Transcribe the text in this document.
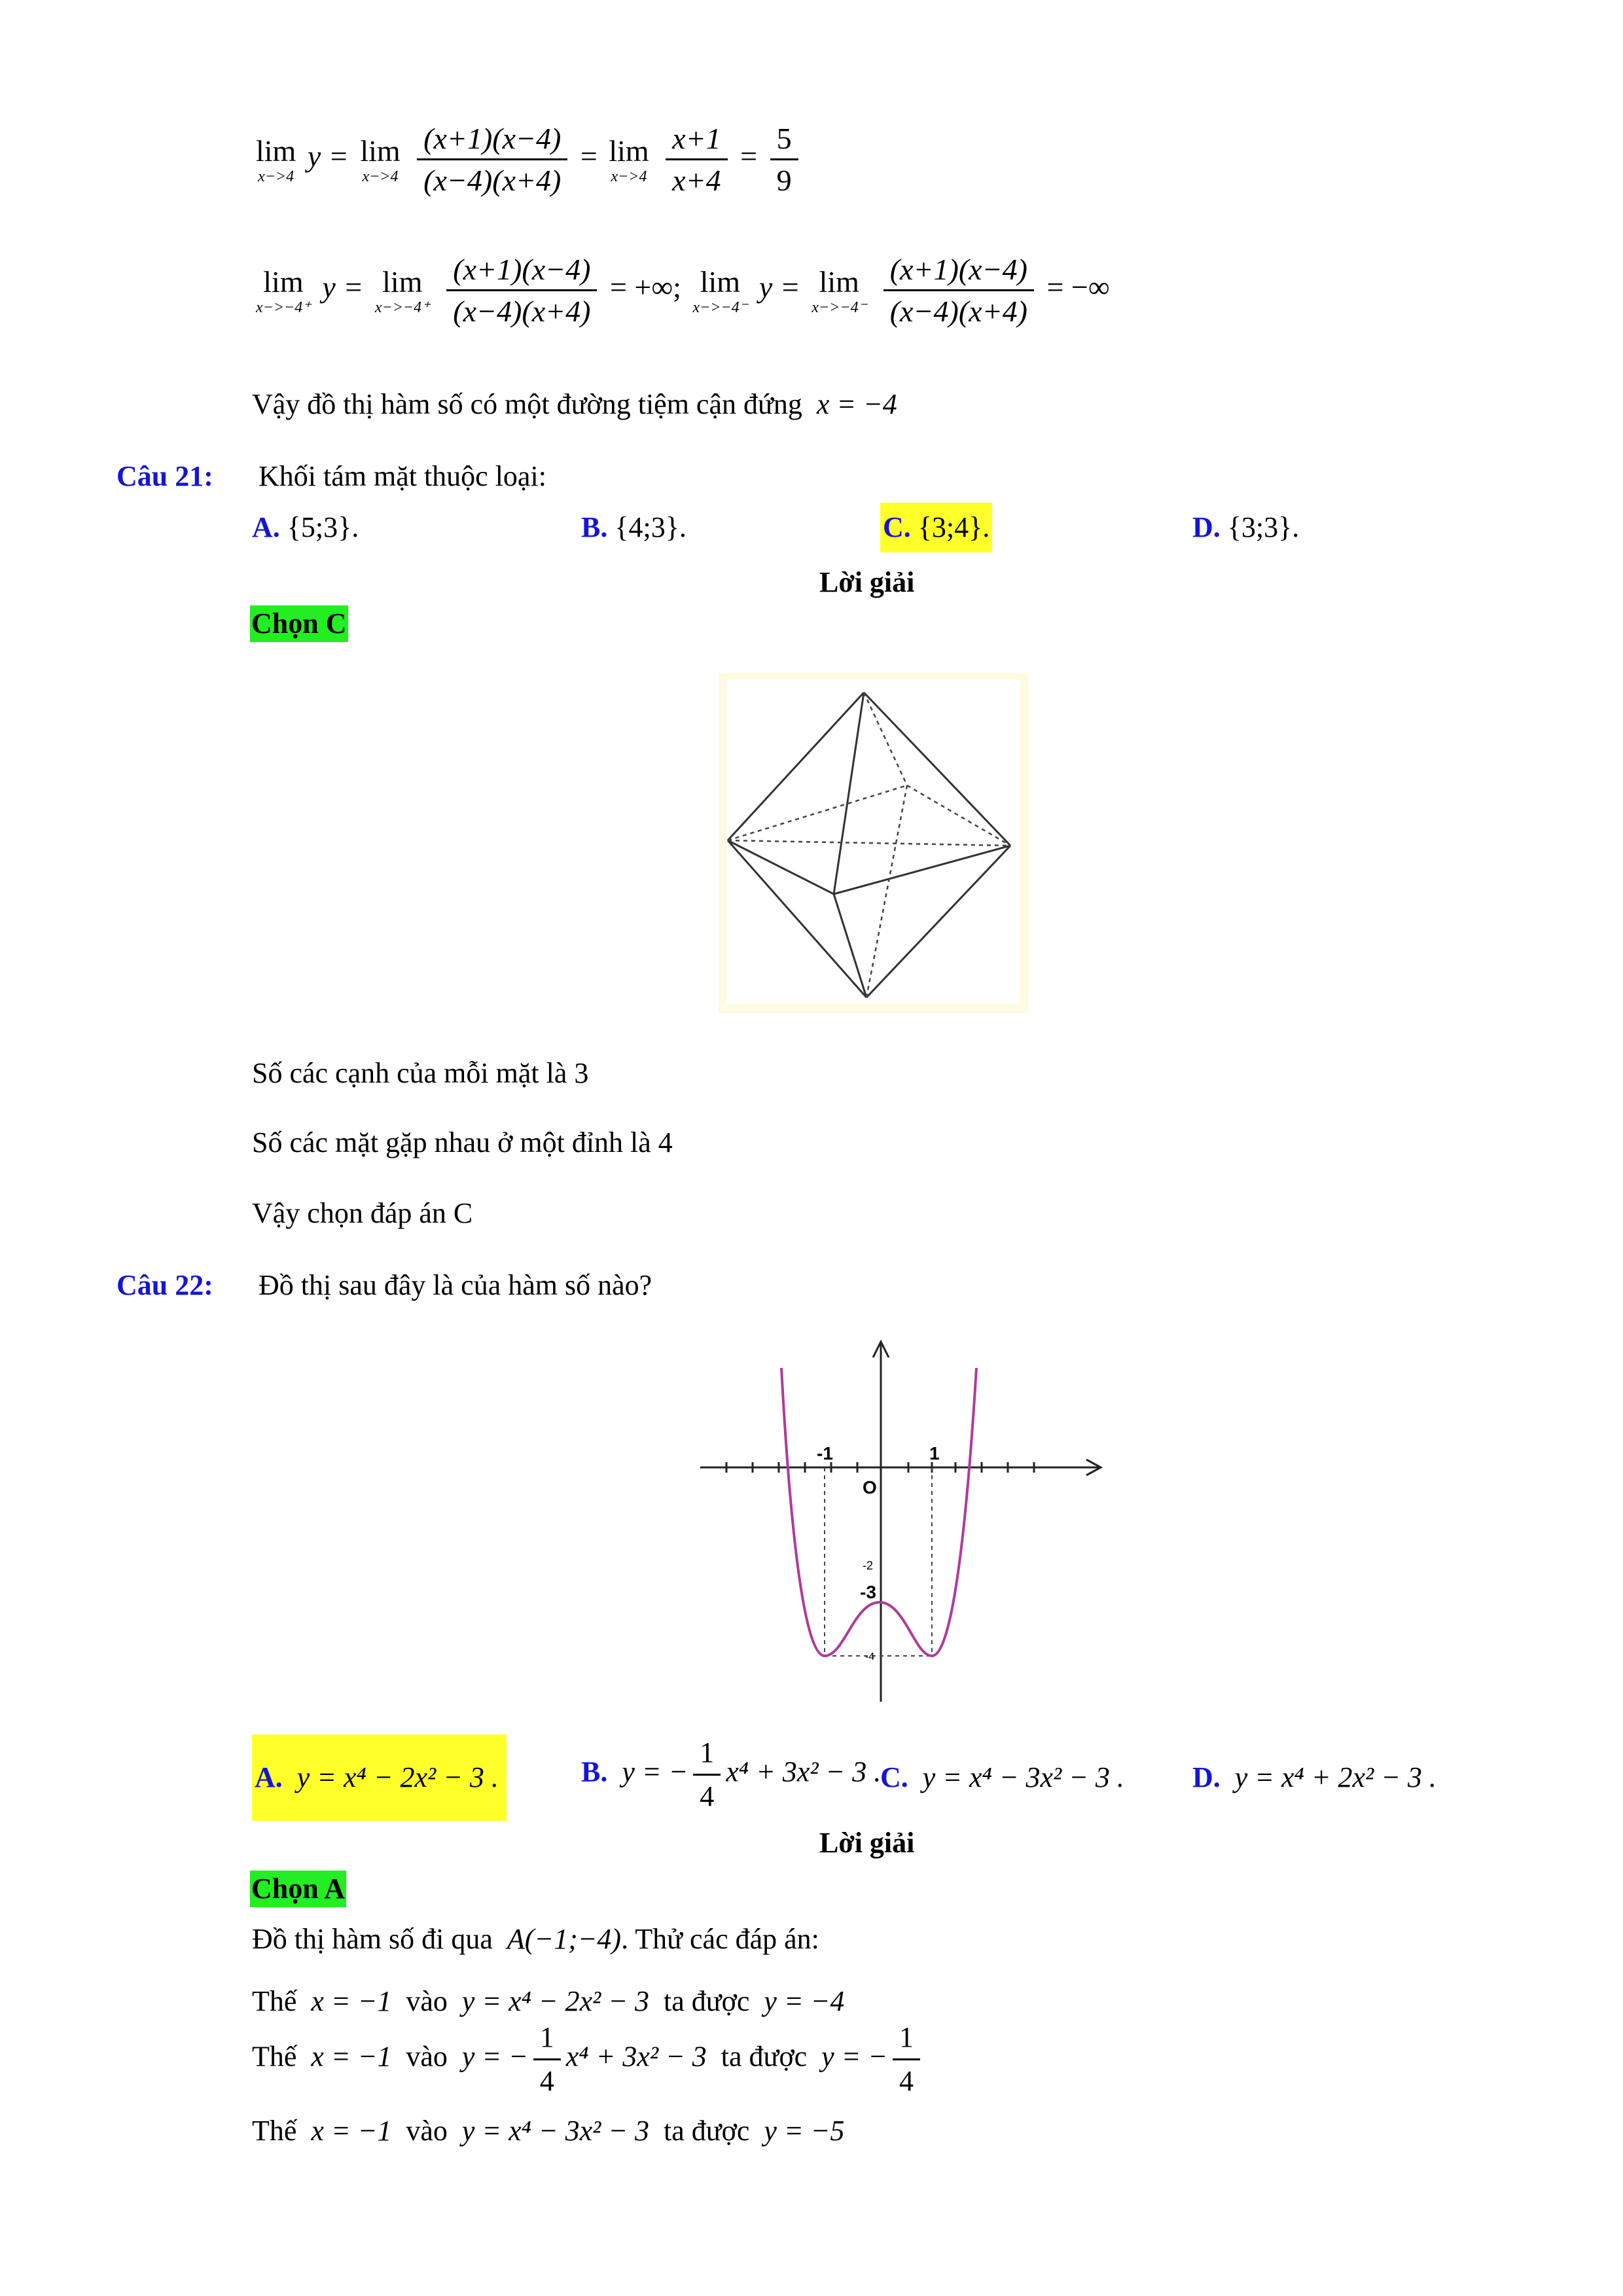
lim
x−>4
y = lim
x−>4
$\frac{(x+1)(x-4)}{(x-4)(x+4)} = \lim$
x−>4
$\frac{x+1}{x+4} = \frac{5}{9}$
lim
x−>−4⁺
y = lim
x−>−4⁺
$\frac{(x+1)(x-4)}{(x-4)(x+4)}$ = +∞; lim
x−>−4⁻
y = lim
x−>−4⁻
$\frac{(x+1)(x-4)}{(x-4)(x+4)}$ = −∞
Vậy đồ thị hàm số có một đường tiệm cận đứng x = −4
Câu 21: Khối tám mặt thuộc loại:
A. {5;3}.	B. {4;3}.	C. {3;4}.	D. {3;3}.
Lời giải
Chọn C
Số các cạnh của mỗi mặt là 3
Số các mặt gặp nhau ở một đỉnh là 4
Vậy chọn đáp án C
Câu 22: Đồ thị sau đây là của hàm số nào?
-1	1
O
-2
-3
-4
A. y = x⁴ − 2x² − 3 .	B. y = − $\frac{1}{4} x^4 + 3x^2 - 3$ .
C. y = x⁴ − 3x² − 3 . D. y = x⁴ + 2x² − 3 .
Lời giải
Chọn A
Đồ thị hàm số đi qua A(−1;−4). Thử các đáp án:
Thế x = −1 vào y = x⁴ − 2x² − 3 ta được y = −4
Thế x = −1 vào y = − $\frac{1}{4} x^4 + 3x^2 - 3$ ta được y = − $\frac{1}{4}$
Thế x = −1 vào y = x⁴ − 3x² − 3 ta được y = −5
